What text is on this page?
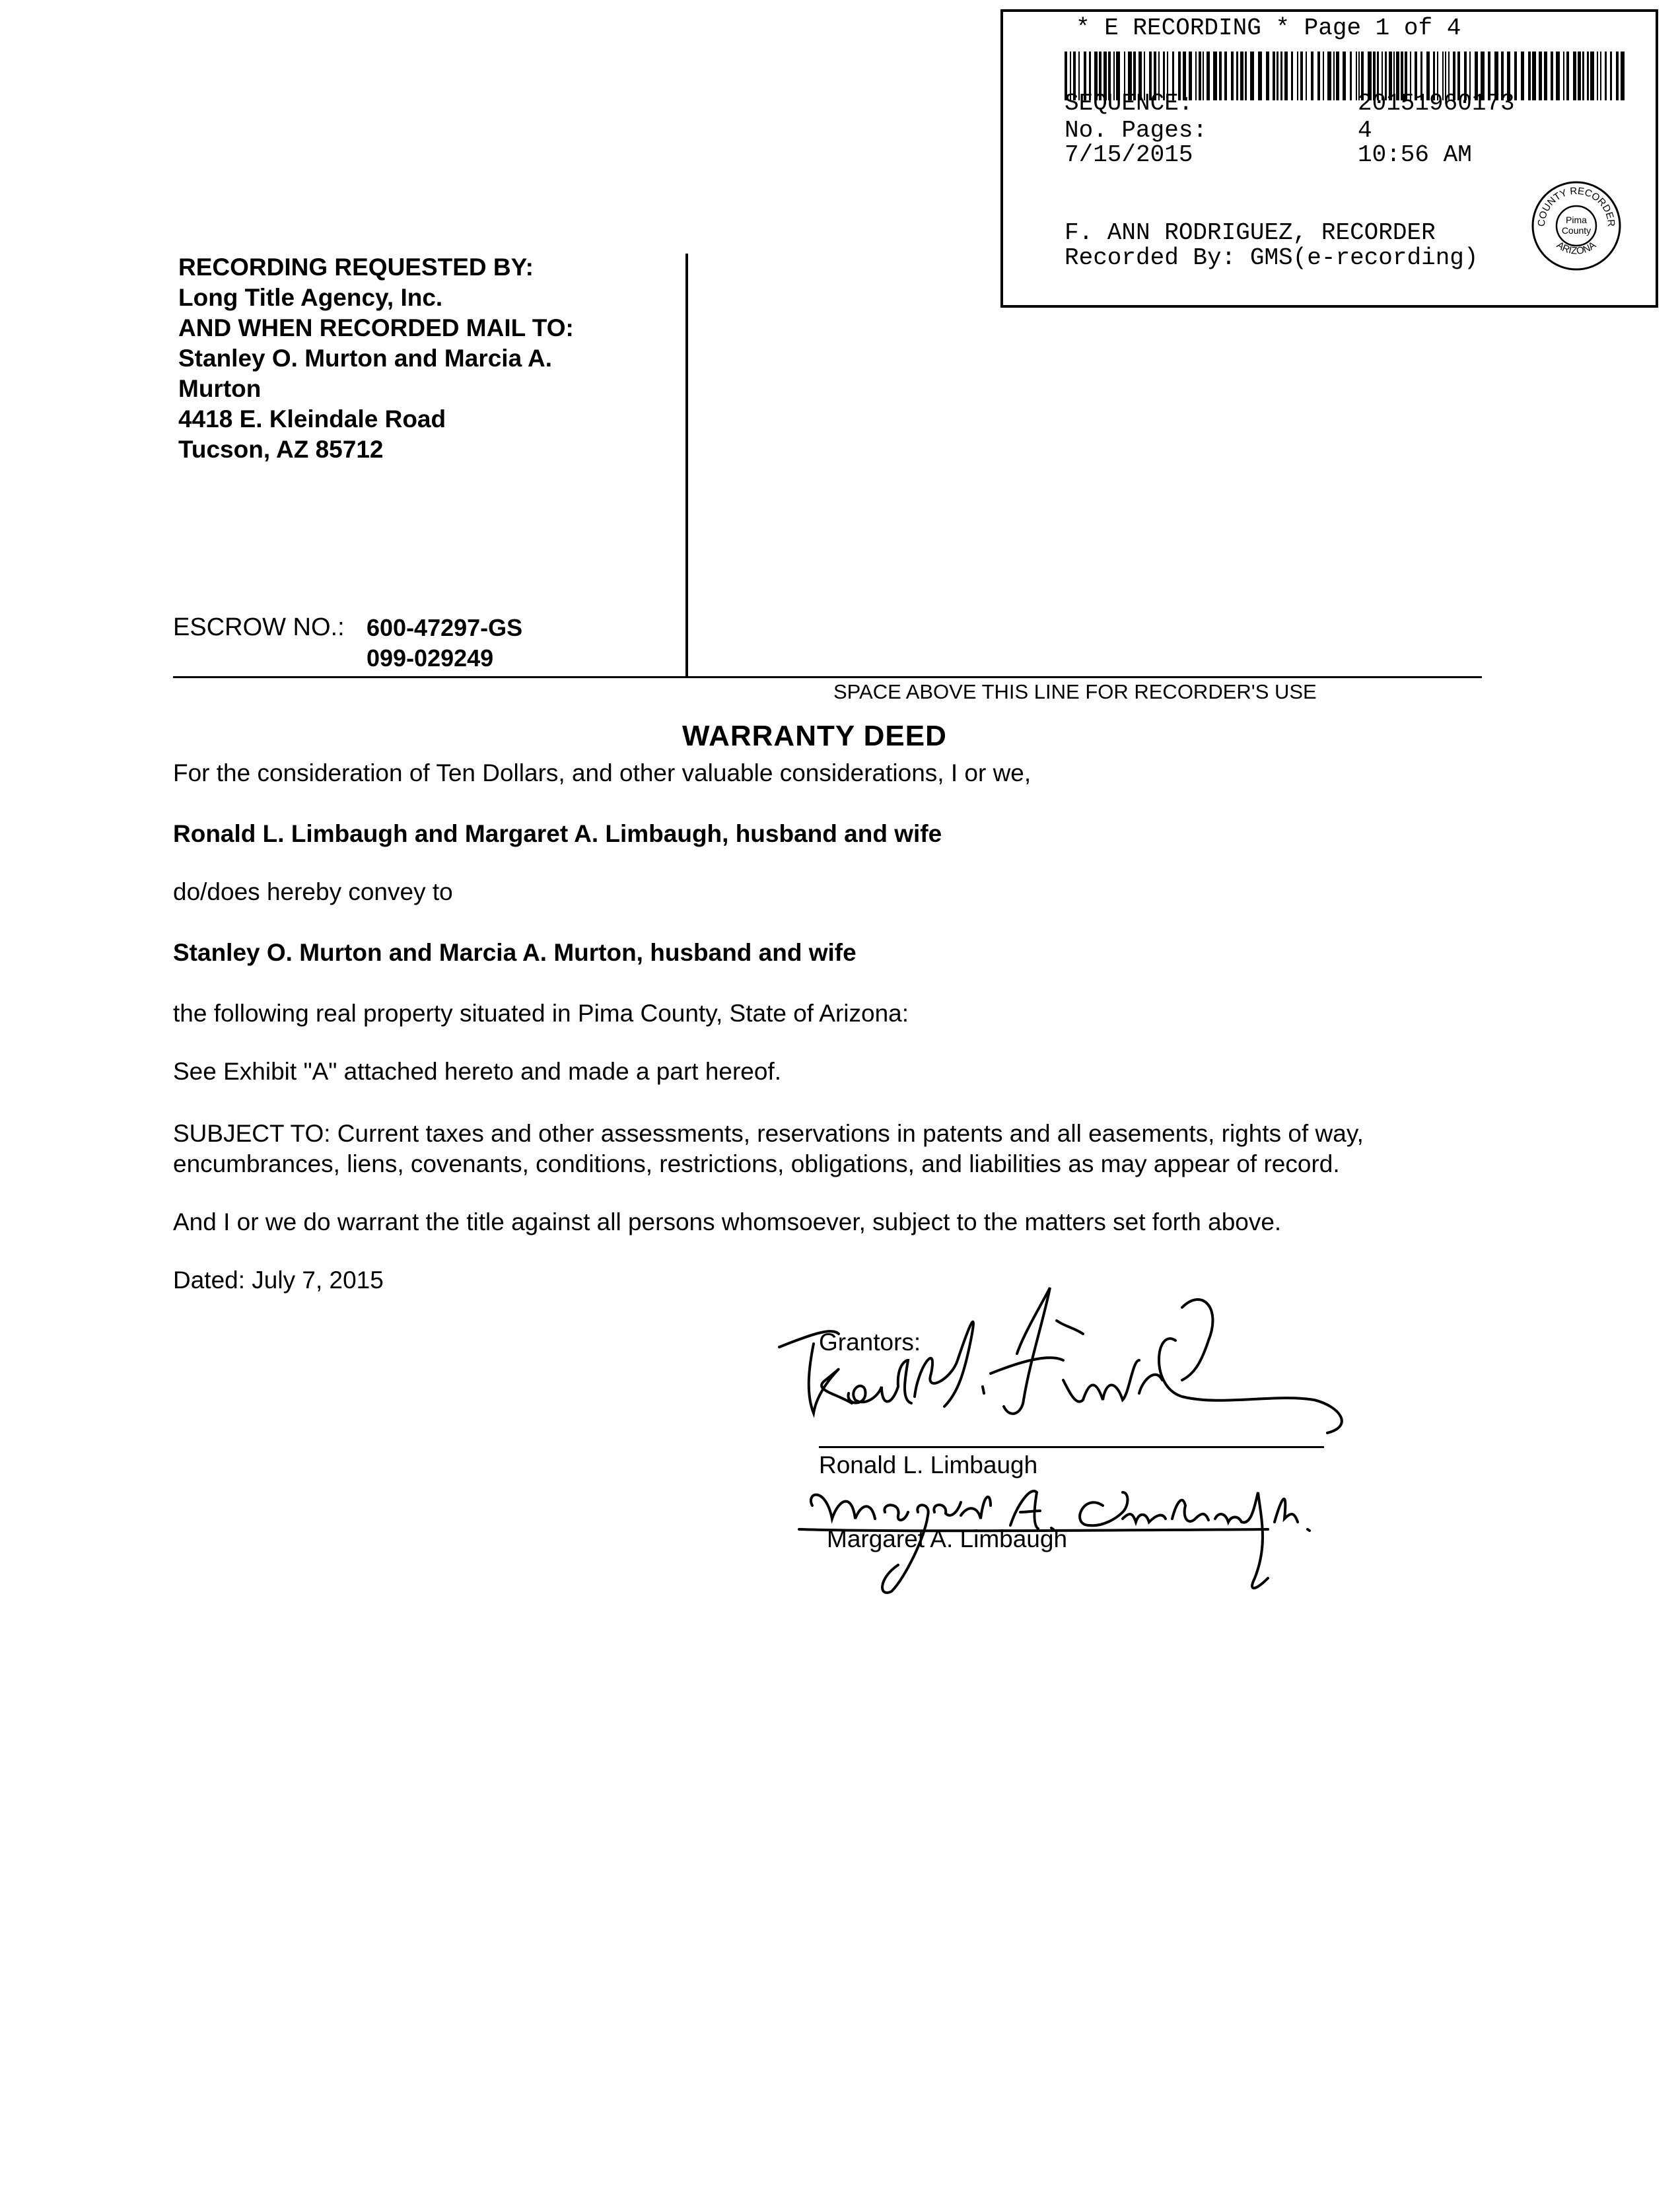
* E RECORDING * Page 1 of 4
SEQUENCE:	20151960173
No. Pages:	4
7/15/2015	10:56 AM
F. ANN RODRIGUEZ, RECORDER
Recorded By: GMS(e-recording)
COUNTY RECORDER
ARIZONA
Pima
County
RECORDING REQUESTED BY:
Long Title Agency, Inc.
AND WHEN RECORDED MAIL TO:
Stanley O. Murton and Marcia A.
Murton
4418 E. Kleindale Road
Tucson, AZ 85712
ESCROW NO.: 600-47297-GS
099-029249
SPACE ABOVE THIS LINE FOR RECORDER'S USE
WARRANTY DEED
For the consideration of Ten Dollars, and other valuable considerations, I or we,
Ronald L. Limbaugh and Margaret A. Limbaugh, husband and wife
do/does hereby convey to
Stanley O. Murton and Marcia A. Murton, husband and wife
the following real property situated in Pima County, State of Arizona:
See Exhibit "A" attached hereto and made a part hereof.
SUBJECT TO: Current taxes and other assessments, reservations in patents and all easements, rights of way,
encumbrances, liens, covenants, conditions, restrictions, obligations, and liabilities as may appear of record.
And I or we do warrant the title against all persons whomsoever, subject to the matters set forth above.
Dated: July 7, 2015
Grantors:
Ronald L. Limbaugh
Margaret A. Limbaugh
